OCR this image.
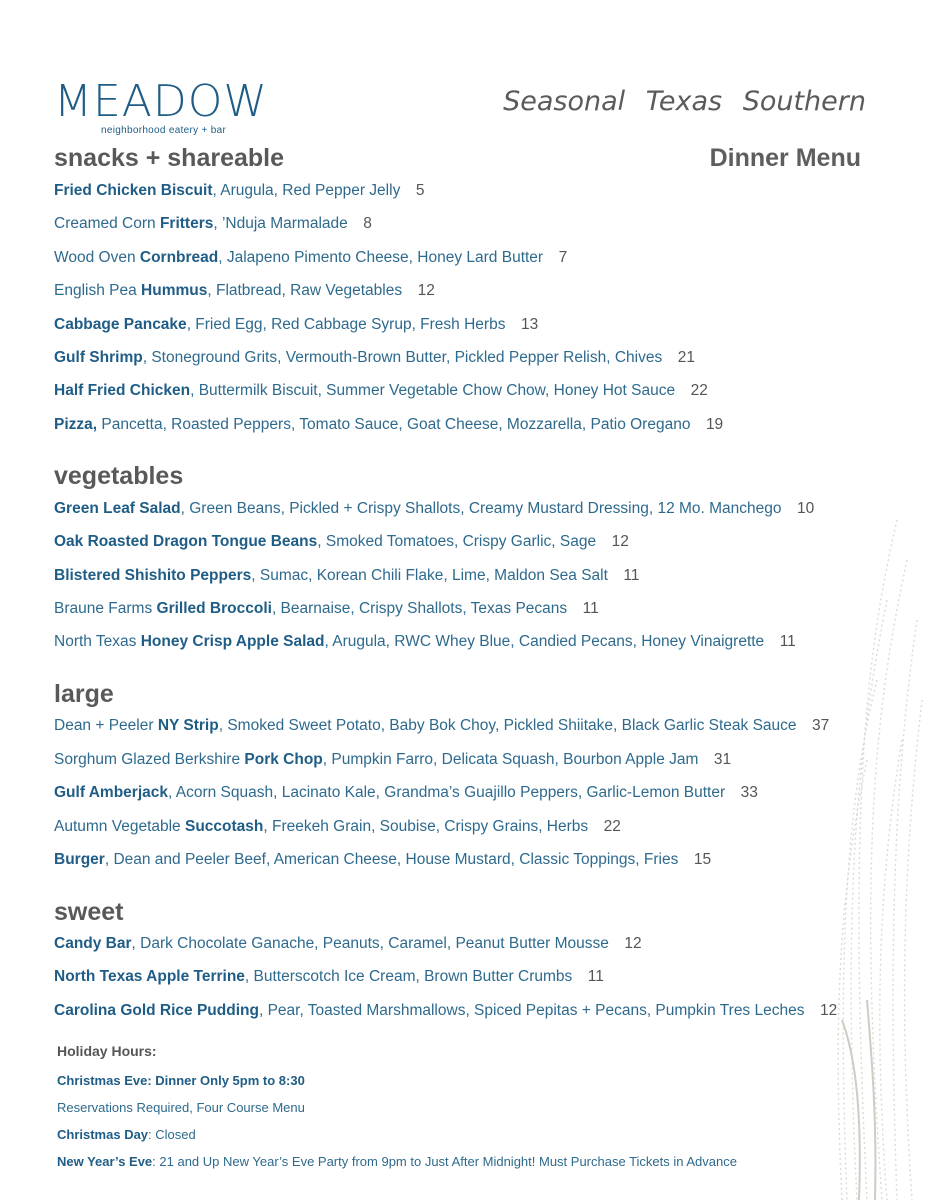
MEADOW
neighborhood eatery + bar

Seasonal Texas Southern

Dinner Menu
snacks + shareable

Fried Chicken Biscuit, Arugula, Red Pepper Jelly 5

Creamed Corn Fritters, ’Nduja Marmalade 8

Wood Oven Cornbread, Jalapeno Pimento Cheese, Honey Lard Butter 7

English Pea Hummus, Flatbread, Raw Vegetables 12

Cabbage Pancake, Fried Egg, Red Cabbage Syrup, Fresh Herbs 13

Gulf Shrimp, Stoneground Grits, Vermouth-Brown Butter, Pickled Pepper Relish, Chives 21

Half Fried Chicken, Buttermilk Biscuit, Summer Vegetable Chow Chow, Honey Hot Sauce 22

Pizza, Pancetta, Roasted Peppers, Tomato Sauce, Goat Cheese, Mozzarella, Patio Oregano 19

vegetables

Green Leaf Salad, Green Beans, Pickled + Crispy Shallots, Creamy Mustard Dressing, 12 Mo. Manchego 10

Oak Roasted Dragon Tongue Beans, Smoked Tomatoes, Crispy Garlic, Sage 12

Blistered Shishito Peppers, Sumac, Korean Chili Flake, Lime, Maldon Sea Salt 11

Braune Farms Grilled Broccoli, Bearnaise, Crispy Shallots, Texas Pecans 11

North Texas Honey Crisp Apple Salad, Arugula, RWC Whey Blue, Candied Pecans, Honey Vinaigrette 11

large

Dean + Peeler NY Strip, Smoked Sweet Potato, Baby Bok Choy, Pickled Shiitake, Black Garlic Steak Sauce 37

Sorghum Glazed Berkshire Pork Chop, Pumpkin Farro, Delicata Squash, Bourbon Apple Jam 31

Gulf Amberjack, Acorn Squash, Lacinato Kale, Grandma’s Guajillo Peppers, Garlic-Lemon Butter 33

Autumn Vegetable Succotash, Freekeh Grain, Soubise, Crispy Grains, Herbs 22

Burger, Dean and Peeler Beef, American Cheese, House Mustard, Classic Toppings, Fries 15

sweet

Candy Bar, Dark Chocolate Ganache, Peanuts, Caramel, Peanut Butter Mousse 12

North Texas Apple Terrine, Butterscotch Ice Cream, Brown Butter Crumbs 11

Carolina Gold Rice Pudding, Pear, Toasted Marshmallows, Spiced Pepitas + Pecans, Pumpkin Tres Leches 12

Holiday Hours:

Christmas Eve: Dinner Only 5pm to 8:30

Reservations Required, Four Course Menu

Christmas Day: Closed

New Year’s Eve: 21 and Up New Year’s Eve Party from 9pm to Just After Midnight! Must Purchase Tickets in Advance
